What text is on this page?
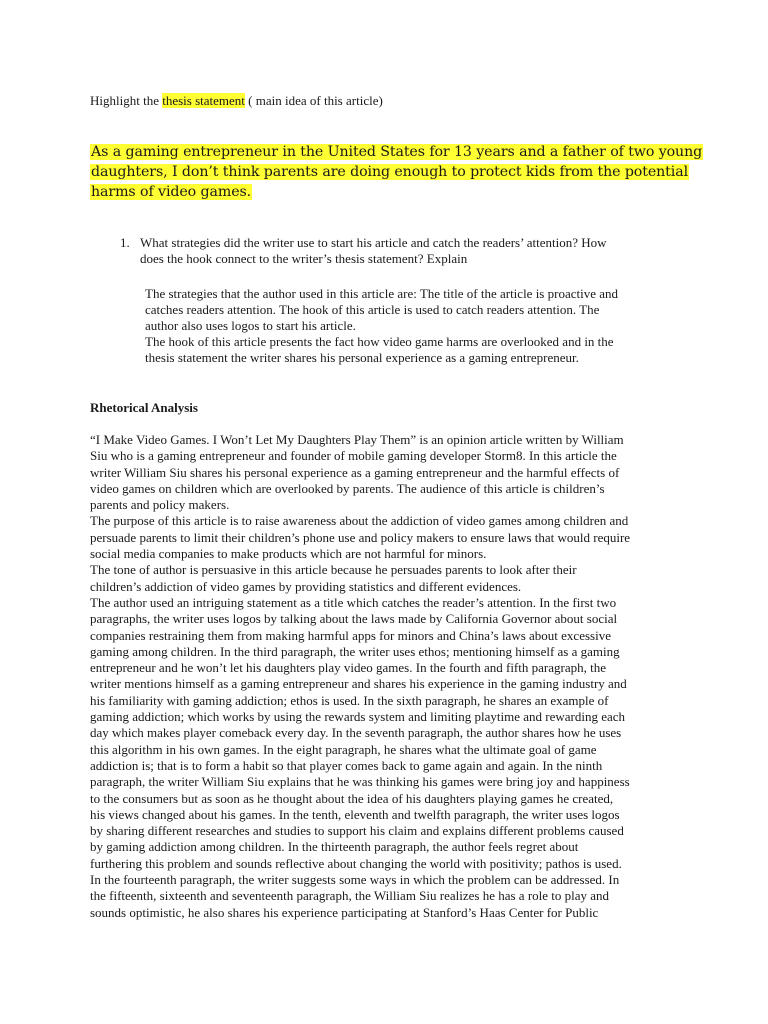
Highlight the thesis statement ( main idea of this article)
As a gaming entrepreneur in the United States for 13 years and a father of two young
daughters, I don’t think parents are doing enough to protect kids from the potential
harms of video games.
1. What strategies did the writer use to start his article and catch the readers’ attention? How
does the hook connect to the writer’s thesis statement? Explain
The strategies that the author used in this article are: The title of the article is proactive and
catches readers attention. The hook of this article is used to catch readers attention. The
author also uses logos to start his article.
The hook of this article presents the fact how video game harms are overlooked and in the
thesis statement the writer shares his personal experience as a gaming entrepreneur.
Rhetorical Analysis
“I Make Video Games. I Won’t Let My Daughters Play Them” is an opinion article written by William
Siu who is a gaming entrepreneur and founder of mobile gaming developer Storm8. In this article the
writer William Siu shares his personal experience as a gaming entrepreneur and the harmful effects of
video games on children which are overlooked by parents. The audience of this article is children’s
parents and policy makers.
The purpose of this article is to raise awareness about the addiction of video games among children and
persuade parents to limit their children’s phone use and policy makers to ensure laws that would require
social media companies to make products which are not harmful for minors.
The tone of author is persuasive in this article because he persuades parents to look after their
children’s addiction of video games by providing statistics and different evidences.
The author used an intriguing statement as a title which catches the reader’s attention. In the first two
paragraphs, the writer uses logos by talking about the laws made by California Governor about social
companies restraining them from making harmful apps for minors and China’s laws about excessive
gaming among children. In the third paragraph, the writer uses ethos; mentioning himself as a gaming
entrepreneur and he won’t let his daughters play video games. In the fourth and fifth paragraph, the
writer mentions himself as a gaming entrepreneur and shares his experience in the gaming industry and
his familiarity with gaming addiction; ethos is used. In the sixth paragraph, he shares an example of
gaming addiction; which works by using the rewards system and limiting playtime and rewarding each
day which makes player comeback every day. In the seventh paragraph, the author shares how he uses
this algorithm in his own games. In the eight paragraph, he shares what the ultimate goal of game
addiction is; that is to form a habit so that player comes back to game again and again. In the ninth
paragraph, the writer William Siu explains that he was thinking his games were bring joy and happiness
to the consumers but as soon as he thought about the idea of his daughters playing games he created,
his views changed about his games. In the tenth, eleventh and twelfth paragraph, the writer uses logos
by sharing different researches and studies to support his claim and explains different problems caused
by gaming addiction among children. In the thirteenth paragraph, the author feels regret about
furthering this problem and sounds reflective about changing the world with positivity; pathos is used.
In the fourteenth paragraph, the writer suggests some ways in which the problem can be addressed. In
the fifteenth, sixteenth and seventeenth paragraph, the William Siu realizes he has a role to play and
sounds optimistic, he also shares his experience participating at Stanford’s Haas Center for Public
